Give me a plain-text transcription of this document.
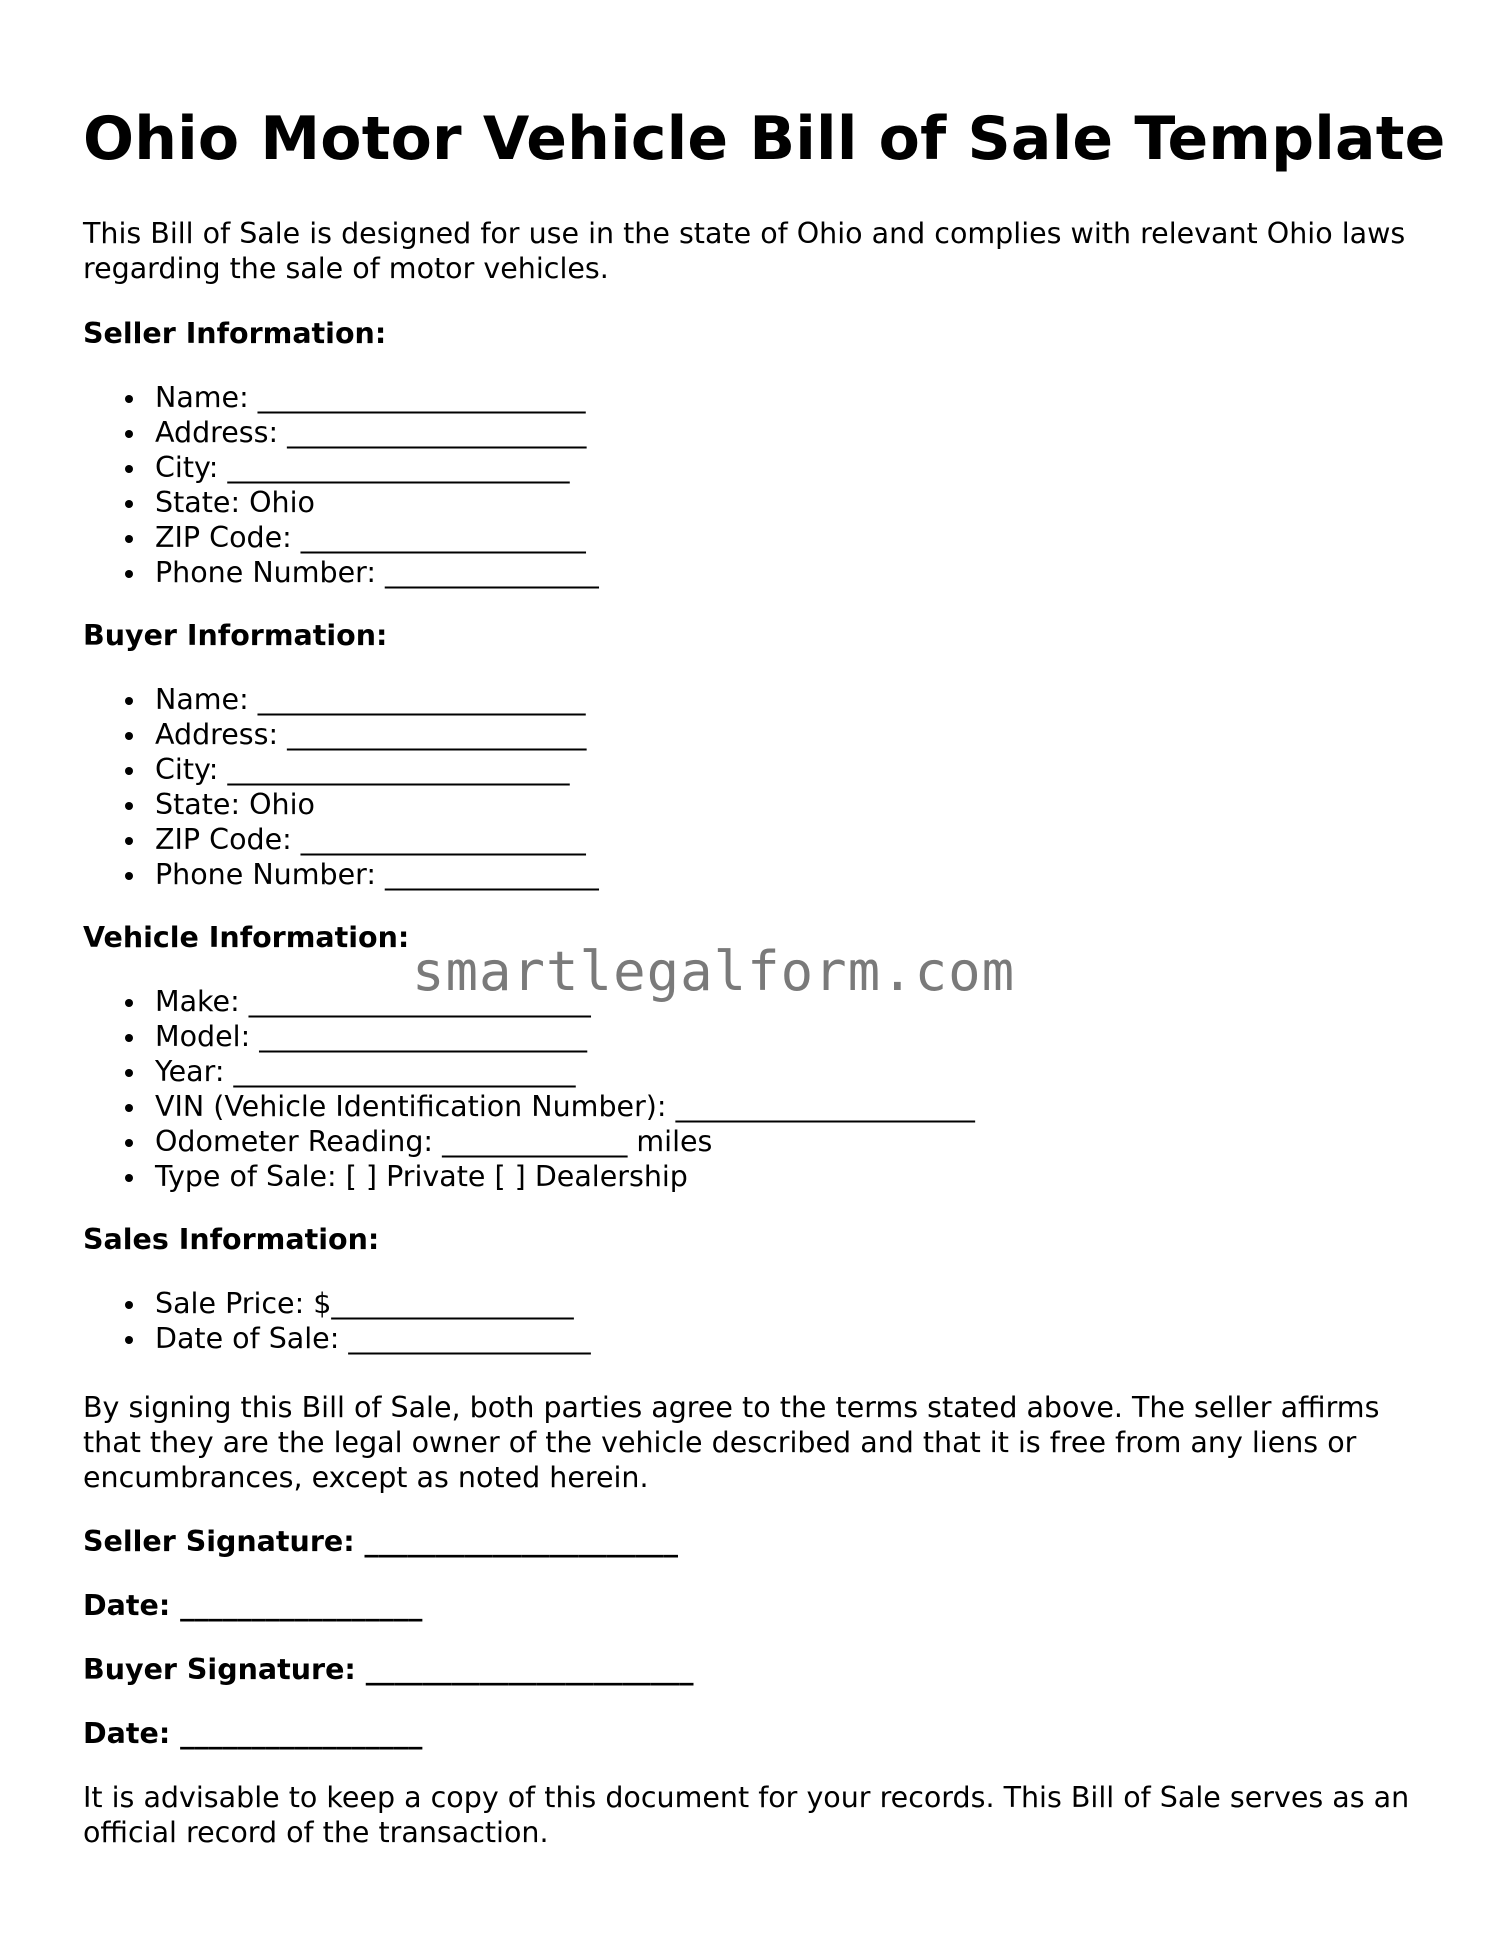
Ohio Motor Vehicle Bill of Sale Template

This Bill of Sale is designed for use in the state of Ohio and complies with relevant Ohio laws regarding the sale of motor vehicles.

Seller Information:

Name: _______________________
Address: _____________________
City: ________________________
State: Ohio
ZIP Code: ____________________
Phone Number: _______________

Buyer Information:

Name: _______________________
Address: _____________________
City: ________________________
State: Ohio
ZIP Code: ____________________
Phone Number: _______________

Vehicle Information:

Make: ________________________
Model: _______________________
Year: ________________________
VIN (Vehicle Identification Number): _____________________
Odometer Reading: _____________ miles
Type of Sale: [ ] Private [ ] Dealership

Sales Information:

Sale Price: $_________________
Date of Sale: _________________

By signing this Bill of Sale, both parties agree to the terms stated above. The seller affirms that they are the legal owner of the vehicle described and that it is free from any liens or encumbrances, except as noted herein.

Seller Signature: ______________________

Date: _________________

Buyer Signature: _______________________

Date: _________________

It is advisable to keep a copy of this document for your records. This Bill of Sale serves as an official record of the transaction.

smartlegalform.com
